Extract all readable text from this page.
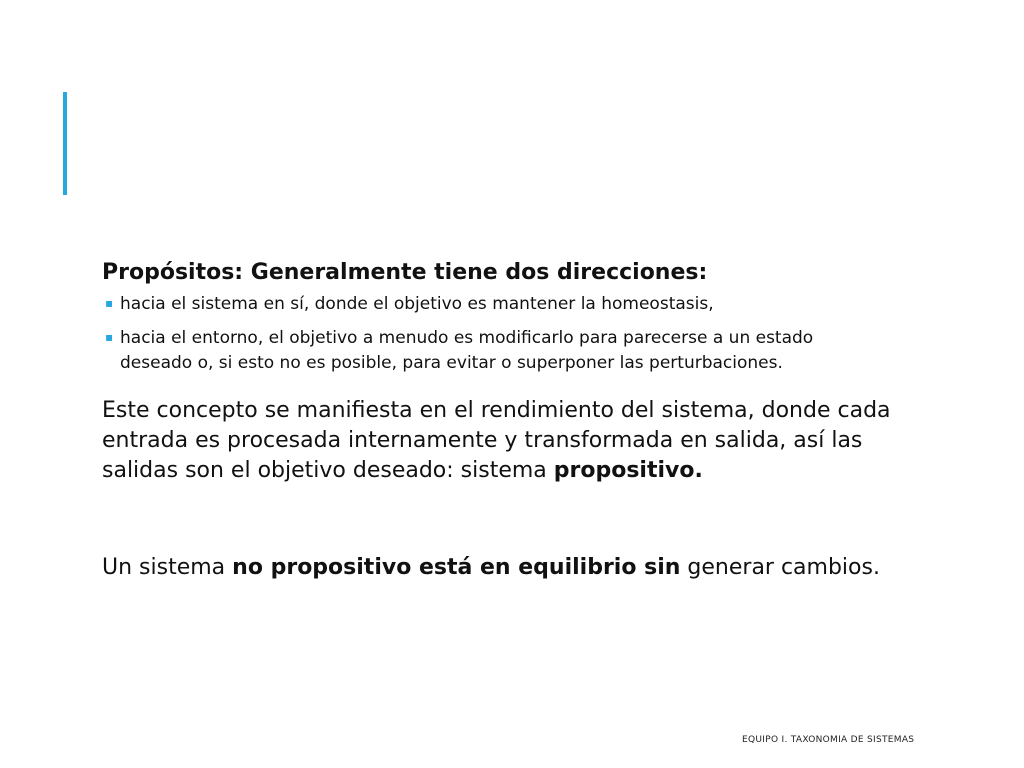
Propósitos: Generalmente tiene dos direcciones:
▪ hacia el sistema en sí, donde el objetivo es mantener la homeostasis,
▪ hacia el entorno, el objetivo a menudo es modificarlo para parecerse a un estado deseado o, si esto no es posible, para evitar o superponer las perturbaciones.

Este concepto se manifiesta en el rendimiento del sistema, donde cada entrada es procesada internamente y transformada en salida, así las salidas son el objetivo deseado: sistema propositivo.

Un sistema no propositivo está en equilibrio sin generar cambios.

EQUIPO I. TAXONOMIA DE SISTEMAS
